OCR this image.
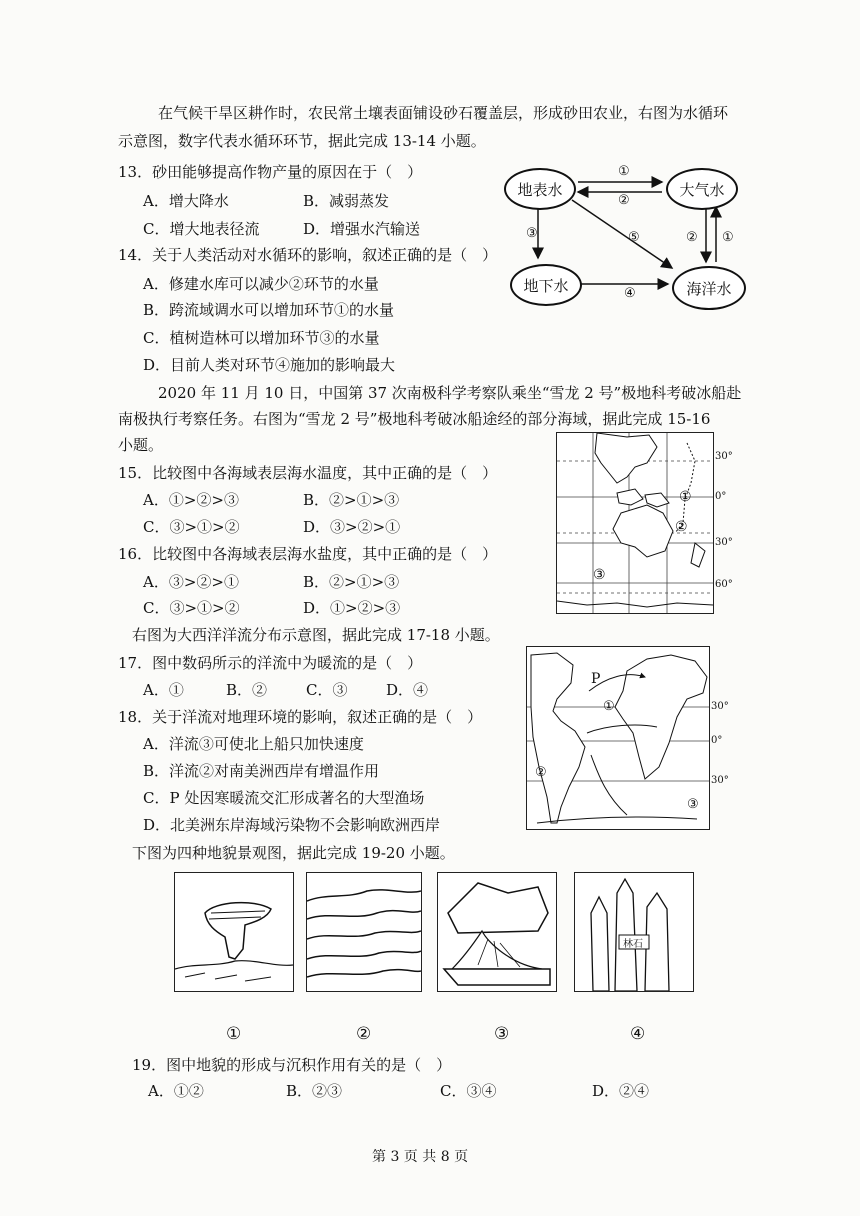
在气候干旱区耕作时，农民常土壤表面铺设砂石覆盖层，形成砂田农业，右图为水循环
示意图，数字代表水循环环节，据此完成 13-14 小题。
13．砂田能够提高作物产量的原因在于（　）
A．增大降水	B．减弱蒸发
C．增大地表径流	D．增强水汽输送
14．关于人类活动对水循环的影响，叙述正确的是（　）
A．修建水库可以减少②环节的水量
B．跨流域调水可以增加环节①的水量
C．植树造林可以增加环节③的水量
D．目前人类对环节④施加的影响最大
地表水	大气水
地下水	海洋水
①
②
③
④
⑤	② ①
2020 年 11 月 10 日，中国第 37 次南极科学考察队乘坐“雪龙 2 号”极地科考破冰船赴
南极执行考察任务。右图为“雪龙 2 号”极地科考破冰船途经的部分海域，据此完成 15-16
小题。
①
②
③
30°
0°
30°
60°
15．比较图中各海域表层海水温度，其中正确的是（　）
A．①>②>③	B．②>①>③
C．③>①>②	D．③>②>①
16．比较图中各海域表层海水盐度，其中正确的是（　）
A．③>②>①	B．②>①>③
C．③>①>②	D．①>②>③
右图为大西洋洋流分布示意图，据此完成 17-18 小题。
P
①
②
③
30°
0°
30°
17．图中数码所示的洋流中为暖流的是（　）
A．①	B．②	C．③	D．④
18．关于洋流对地理环境的影响，叙述正确的是（　）
A．洋流③可使北上船只加快速度
B．洋流②对南美洲西岸有增温作用
C．P 处因寒暖流交汇形成著名的大型渔场
D．北美洲东岸海域污染物不会影响欧洲西岸
下图为四种地貌景观图，据此完成 19-20 小题。
林石
①	②	③	④
19．图中地貌的形成与沉积作用有关的是（　）
A．①②	B．②③	C．③④	D．②④
第 3 页 共 8 页
